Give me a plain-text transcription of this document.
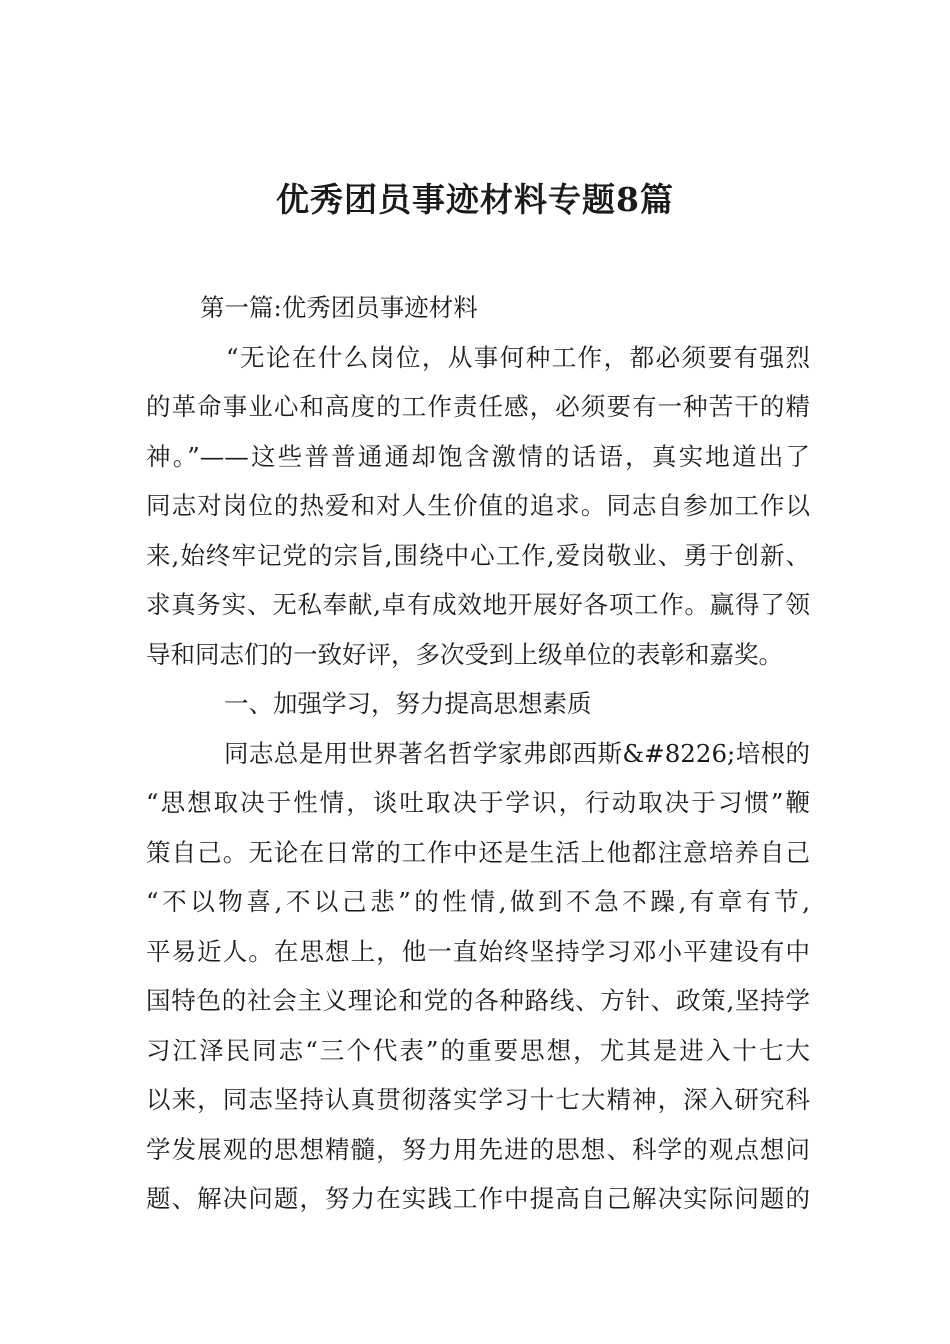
优秀团员事迹材料专题8篇
第一篇:优秀团员事迹材料
“无论在什么岗位，从事何种工作，都必须要有强烈
的革命事业心和高度的工作责任感，必须要有一种苦干的精
神。”——这些普普通通却饱含激情的话语，真实地道出了
同志对岗位的热爱和对人生价值的追求。同志自参加工作以
来,始终牢记党的宗旨,围绕中心工作,爱岗敬业、勇于创新、
求真务实、无私奉献,卓有成效地开展好各项工作。赢得了领
导和同志们的一致好评，多次受到上级单位的表彰和嘉奖。
一、加强学习，努力提高思想素质
同志总是用世界著名哲学家弗郎西斯&#8226;培根的
“思想取决于性情，谈吐取决于学识，行动取决于习惯”鞭
策自己。无论在日常的工作中还是生活上他都注意培养自己
“不以物喜,不以己悲”的性情,做到不急不躁,有章有节,
平易近人。在思想上，他一直始终坚持学习邓小平建设有中
国特色的社会主义理论和党的各种路线、方针、政策,坚持学
习江泽民同志“三个代表”的重要思想，尤其是进入十七大
以来，同志坚持认真贯彻落实学习十七大精神，深入研究科
学发展观的思想精髓，努力用先进的思想、科学的观点想问
题、解决问题，努力在实践工作中提高自己解决实际问题的
